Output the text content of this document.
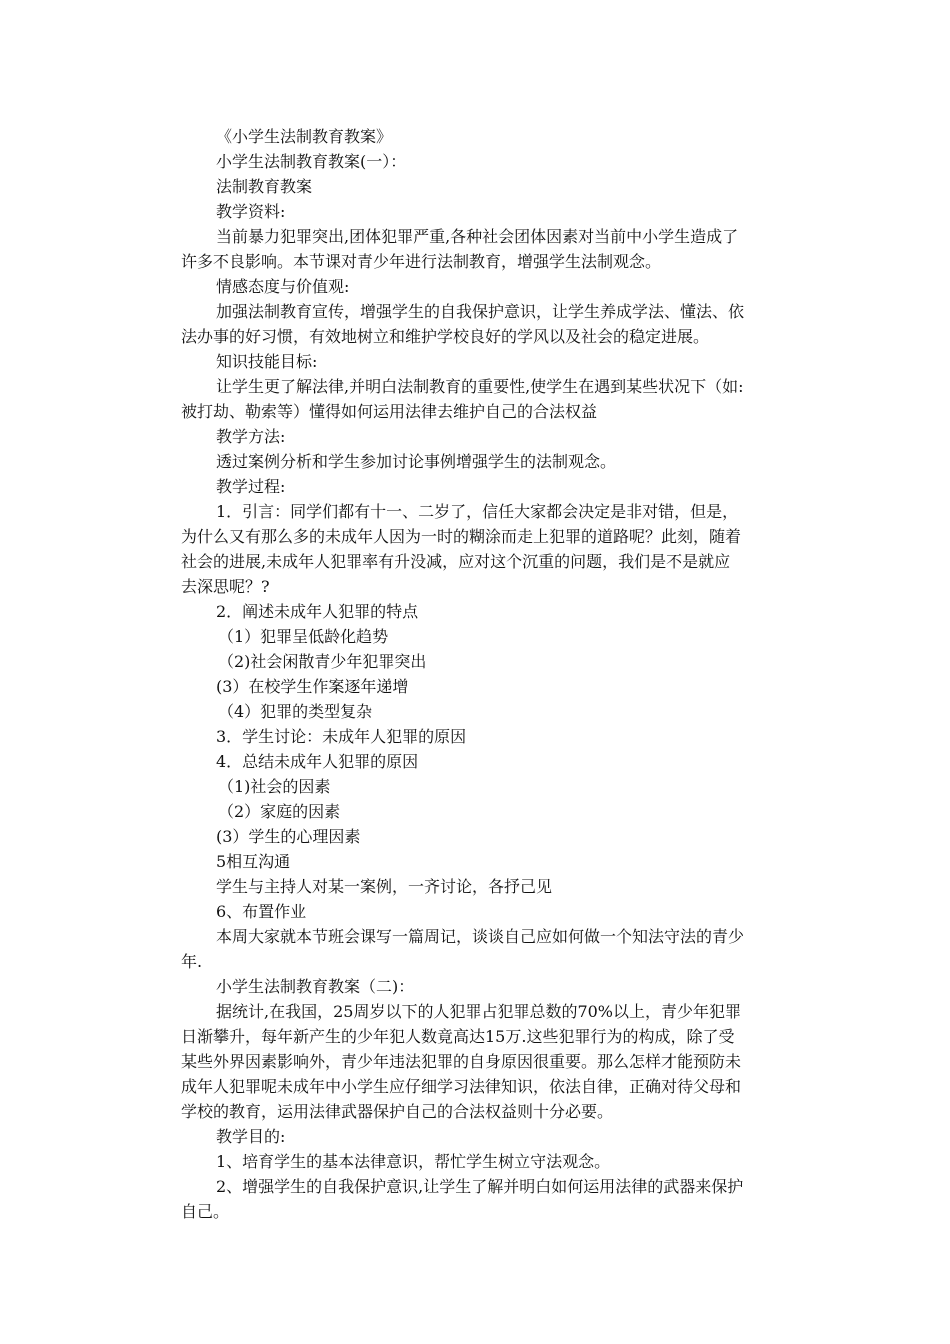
《小学生法制教育教案》
小学生法制教育教案(一）：
法制教育教案
教学资料:
当前暴力犯罪突出,团体犯罪严重,各种社会团体因素对当前中小学生造成了
许多不良影响。本节课对青少年进行法制教育，增强学生法制观念。
情感态度与价值观:
加强法制教育宣传，增强学生的自我保护意识，让学生养成学法、懂法、依
法办事的好习惯，有效地树立和维护学校良好的学风以及社会的稳定进展。
知识技能目标:
让学生更了解法律,并明白法制教育的重要性,使学生在遇到某些状况下（如:
被打劫、勒索等）懂得如何运用法律去维护自己的合法权益
教学方法:
透过案例分析和学生参加讨论事例增强学生的法制观念。
教学过程:
1．引言：同学们都有十一、二岁了，信任大家都会决定是非对错，但是，
为什么又有那么多的未成年人因为一时的糊涂而走上犯罪的道路呢？此刻，随着
社会的进展,未成年人犯罪率有升没减，应对这个沉重的问题，我们是不是就应
去深思呢？?
2．阐述未成年人犯罪的特点
（1）犯罪呈低龄化趋势
（2)社会闲散青少年犯罪突出
(3）在校学生作案逐年递增
（4）犯罪的类型复杂
3．学生讨论：未成年人犯罪的原因
4．总结未成年人犯罪的原因
（1)社会的因素
（2）家庭的因素
(3）学生的心理因素
5相互沟通
学生与主持人对某一案例，一齐讨论，各抒己见
6、布置作业
本周大家就本节班会课写一篇周记，谈谈自己应如何做一个知法守法的青少
年.
小学生法制教育教案（二)：
据统计,在我国，25周岁以下的人犯罪占犯罪总数的70%以上，青少年犯罪
日渐攀升，每年新产生的少年犯人数竟高达15万.这些犯罪行为的构成，除了受
某些外界因素影响外，青少年违法犯罪的自身原因很重要。那么怎样才能预防未
成年人犯罪呢未成年中小学生应仔细学习法律知识，依法自律，正确对待父母和
学校的教育，运用法律武器保护自己的合法权益则十分必要。
教学目的:
1、培育学生的基本法律意识，帮忙学生树立守法观念。
2、增强学生的自我保护意识,让学生了解并明白如何运用法律的武器来保护
自己。
